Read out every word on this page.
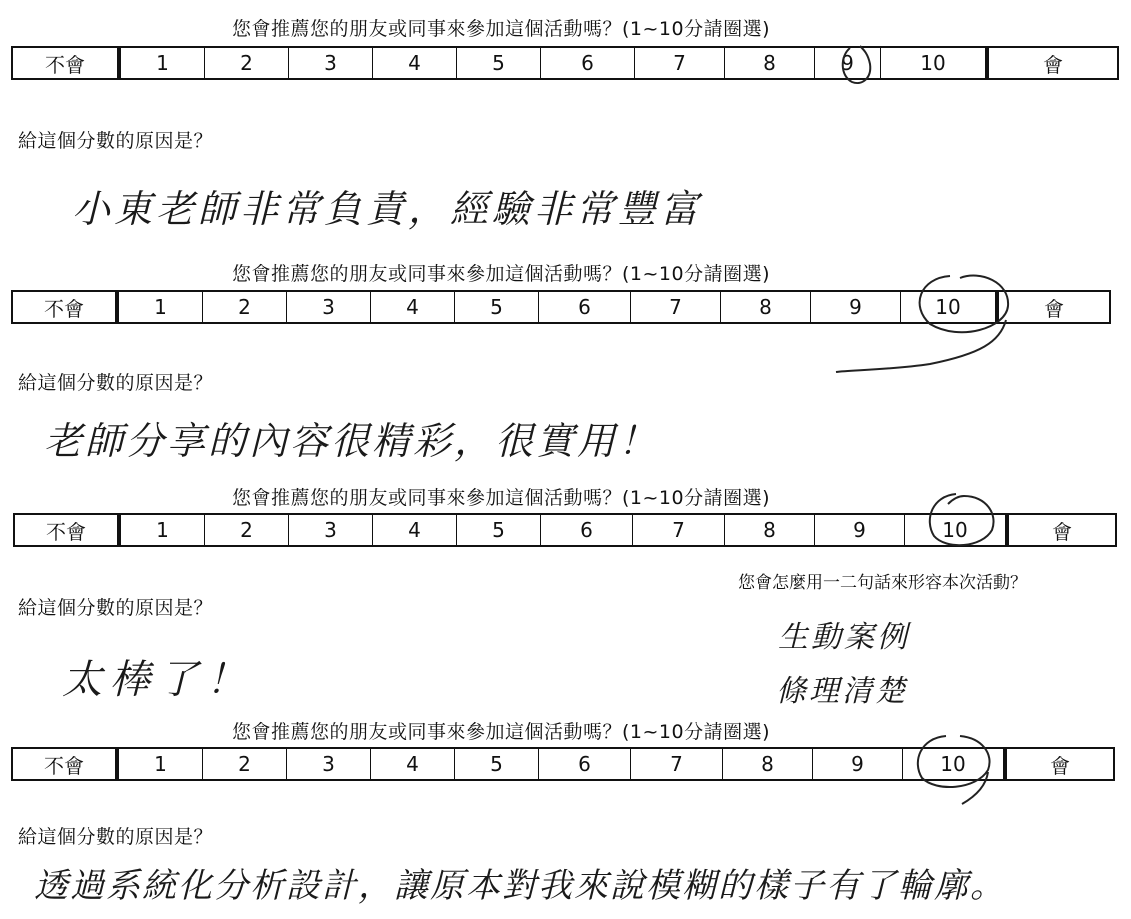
您會推薦您的朋友或同事來參加這個活動嗎？(1~10分請圈選)
不會	1	2	3	4	5	6	7	8	9	10	會
給這個分數的原因是？
小東老師非常負責，經驗非常豐富
您會推薦您的朋友或同事來參加這個活動嗎？(1~10分請圈選)
不會	1	2	3	4	5	6	7	8	9	10	會
給這個分數的原因是？
老師分享的內容很精彩，很實用！
您會推薦您的朋友或同事來參加這個活動嗎？(1~10分請圈選)
不會	1	2	3	4	5	6	7	8	9	10	會
給這個分數的原因是？
您會怎麼用一二句話來形容本次活動？
生動案例
條理清楚
太棒了！
您會推薦您的朋友或同事來參加這個活動嗎？(1~10分請圈選)
不會	1	2	3	4	5	6	7	8	9	10	會
給這個分數的原因是？
透過系統化分析設計，讓原本對我來說模糊的樣子有了輪廓。
